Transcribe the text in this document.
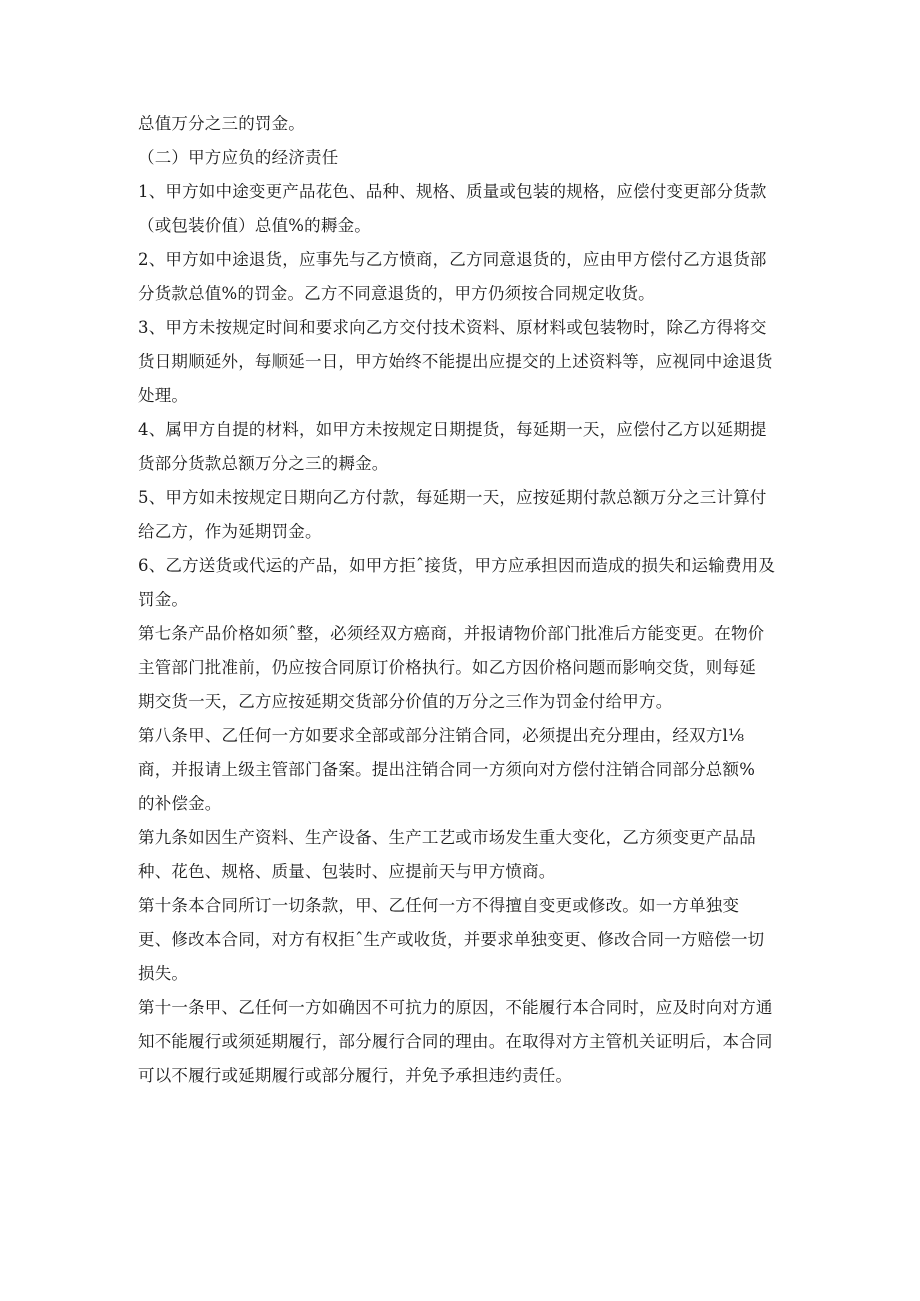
总值万分之三的罚金。
（二）甲方应负的经济责任
1、甲方如中途变更产品花色、品种、规格、质量或包装的规格，应偿付变更部分货款
（或包装价值）总值%的耨金。
2、甲方如中途退货，应事先与乙方愤商，乙方同意退货的，应由甲方偿付乙方退货部
分货款总值%的罚金。乙方不同意退货的，甲方仍须按合同规定收货。
3、甲方未按规定时间和要求向乙方交付技术资料、原材料或包装物时，除乙方得将交
货日期顺延外，每顺延一日，甲方始终不能提出应提交的上述资料等，应视同中途退货
处理。
4、属甲方自提的材料，如甲方未按规定日期提货，每延期一天，应偿付乙方以延期提
货部分货款总额万分之三的耨金。
5、甲方如未按规定日期向乙方付款，每延期一天，应按延期付款总额万分之三计算付
给乙方，作为延期罚金。
6、乙方送货或代运的产品，如甲方拒ˆ接货，甲方应承担因而造成的损失和运输费用及
罚金。
第七条产品价格如须ˆ整，必须经双方癌商，并报请物价部门批准后方能变更。在物价
主管部门批准前，仍应按合同原订价格执行。如乙方因价格问题而影响交货，则每延
期交货一天，乙方应按延期交货部分价值的万分之三作为罚金付给甲方。
第八条甲、乙任何一方如要求全部或部分注销合同，必须提出充分理由，经双方l⅛
商，并报请上级主管部门备案。提出注销合同一方须向对方偿付注销合同部分总额%
的补偿金。
第九条如因生产资料、生产设备、生产工艺或市场发生重大变化，乙方须变更产品品
种、花色、规格、质量、包装时、应提前天与甲方愤商。
第十条本合同所订一切条款，甲、乙任何一方不得擅自变更或修改。如一方单独变
更、修改本合同，对方有权拒ˆ生产或收货，并要求单独变更、修改合同一方赔偿一切
损失。
第十一条甲、乙任何一方如确因不可抗力的原因，不能履行本合同时，应及时向对方通
知不能履行或须延期履行，部分履行合同的理由。在取得对方主管机关证明后，本合同
可以不履行或延期履行或部分履行，并免予承担违约责任。
